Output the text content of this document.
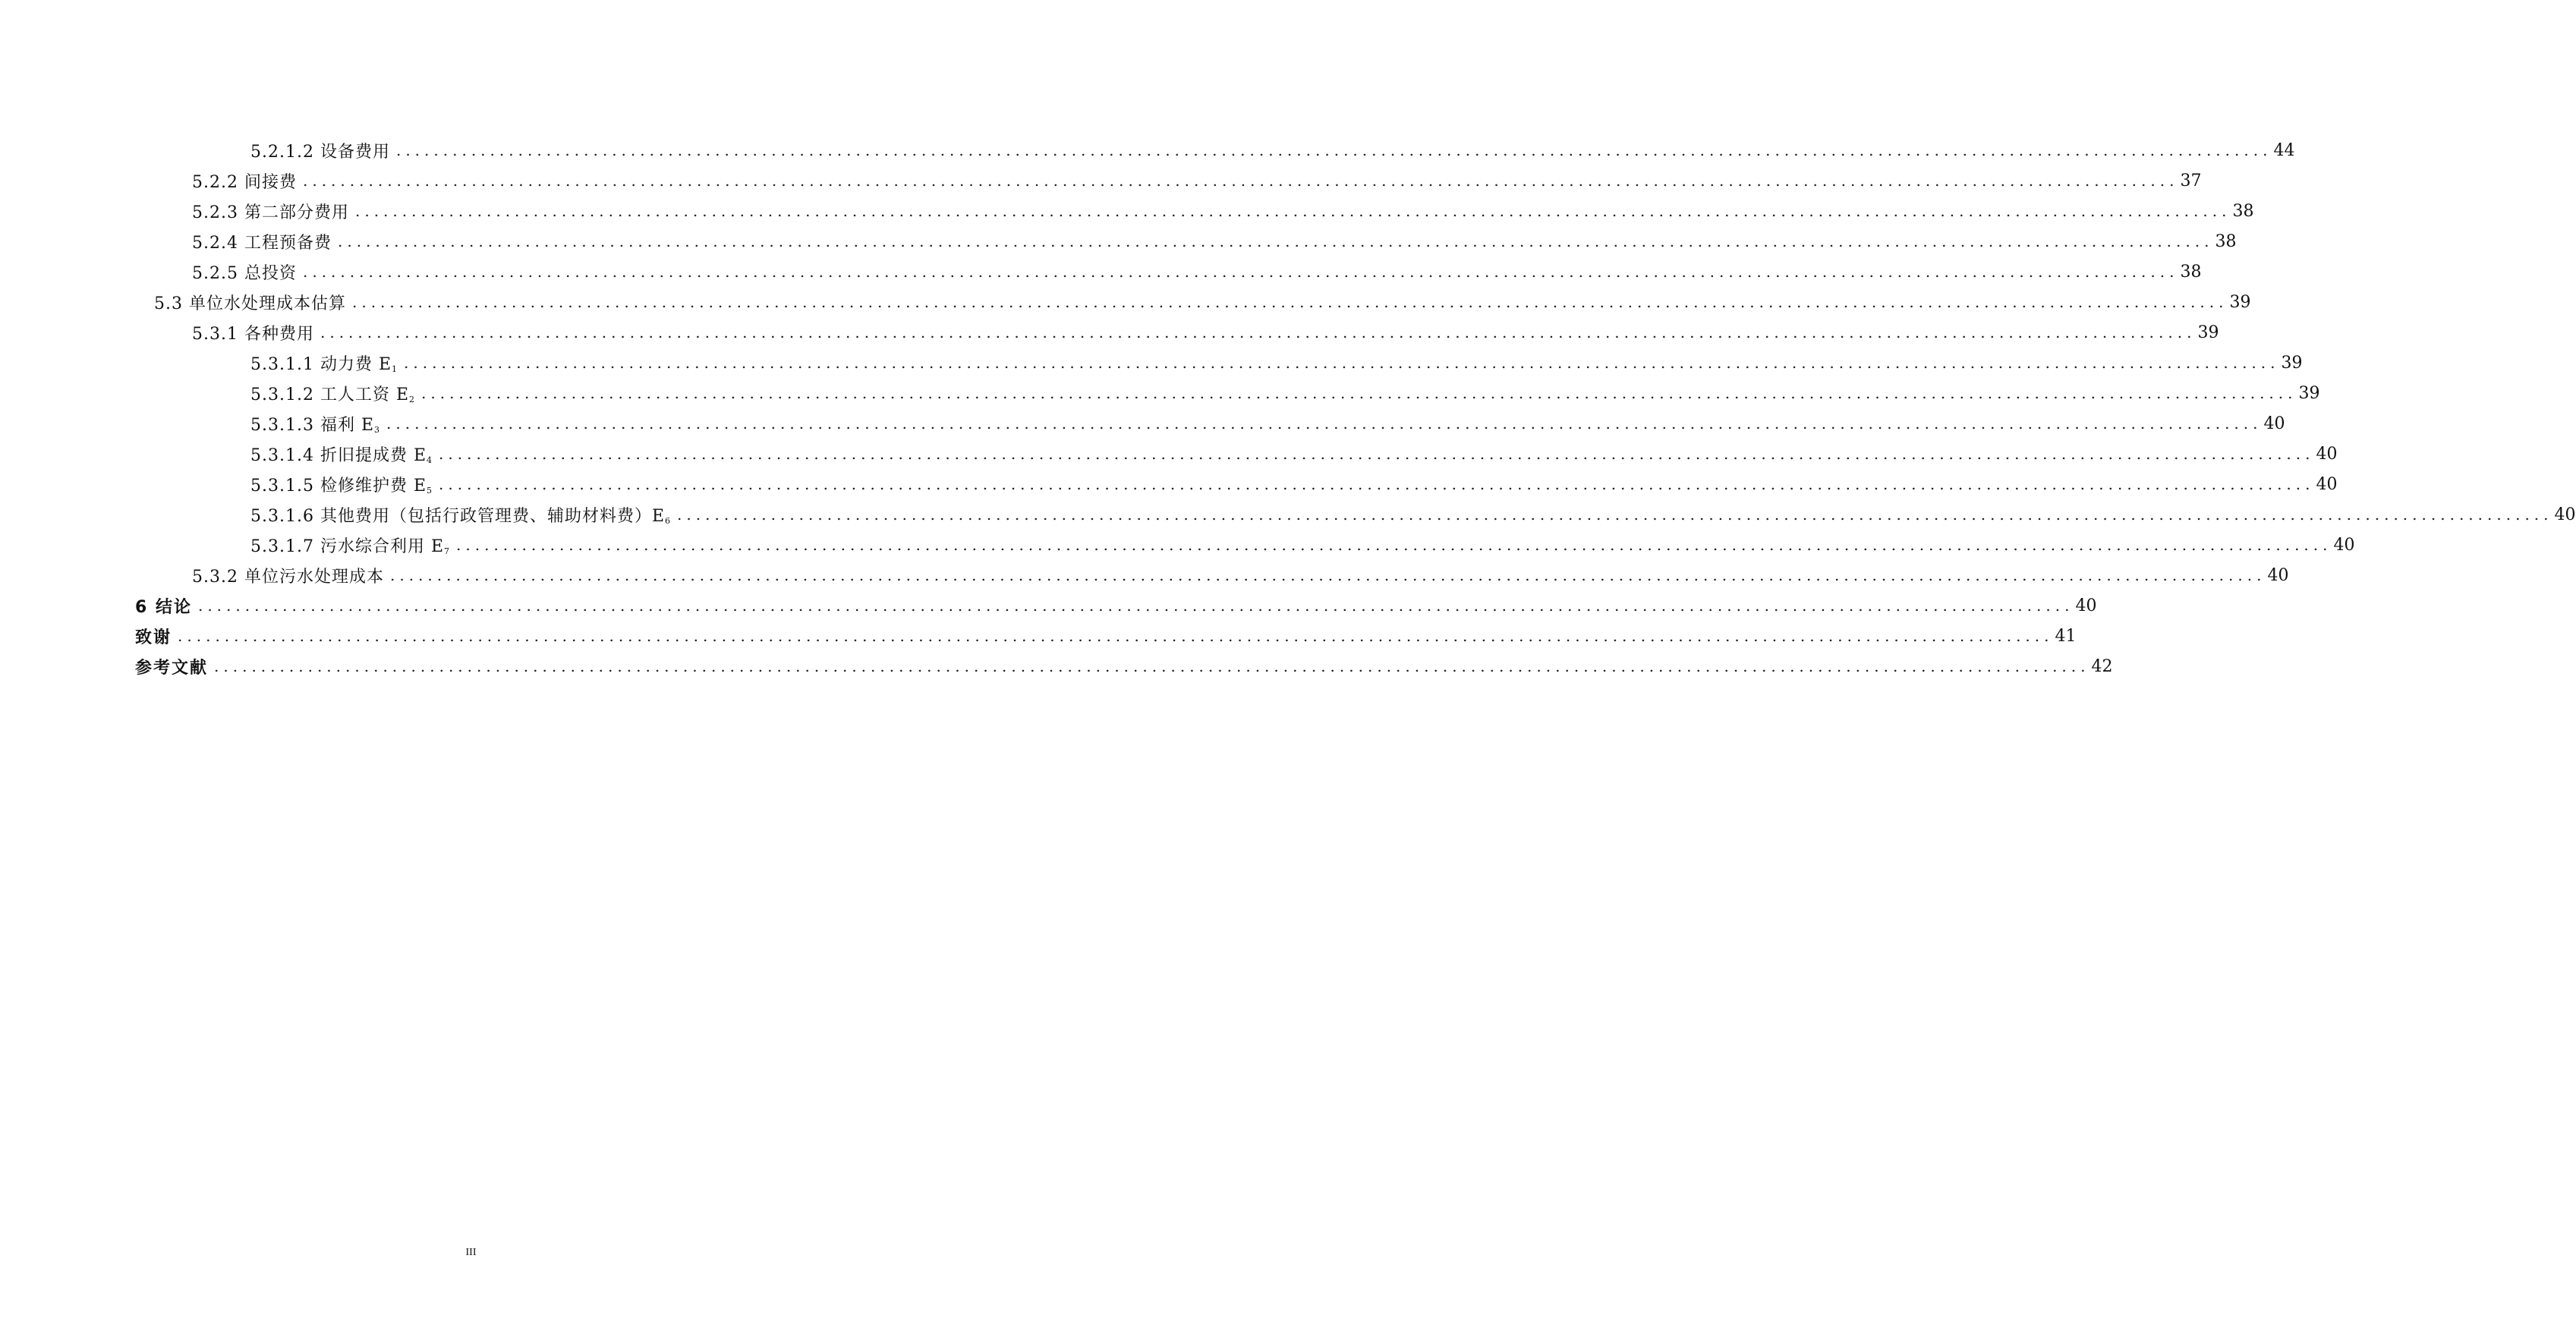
5.2.1.2 设备费用 ........................................................................................................................................................................................................ 44
5.2.2 间接费 ........................................................................................................................................................................................................ 37
5.2.3 第二部分费用 ........................................................................................................................................................................................................ 38
5.2.4 工程预备费 ........................................................................................................................................................................................................ 38
5.2.5 总投资 ........................................................................................................................................................................................................ 38
5.3 单位水处理成本估算 ........................................................................................................................................................................................................ 39
5.3.1 各种费用 ........................................................................................................................................................................................................ 39
5.3.1.1 动力费 $E_1$ ........................................................................................................................................................................................................ 39
5.3.1.2 工人工资 $E_2$ ........................................................................................................................................................................................................ 39
5.3.1.3 福利 $E_3$ ........................................................................................................................................................................................................ 40
5.3.1.4 折旧提成费 $E_4$ ........................................................................................................................................................................................................ 40
5.3.1.5 检修维护费 $E_5$ ........................................................................................................................................................................................................ 40
5.3.1.6 其他费用（包括行政管理费、辅助材料费）$E_6$ ........................................................................................................................................................................................................ 40
5.3.1.7 污水综合利用 $E_7$ ........................................................................................................................................................................................................ 40
5.3.2 单位污水处理成本 ........................................................................................................................................................................................................ 40
6 结论 ........................................................................................................................................................................................................ 40
致谢 ........................................................................................................................................................................................................ 41
参考文献 ........................................................................................................................................................................................................ 42
III
